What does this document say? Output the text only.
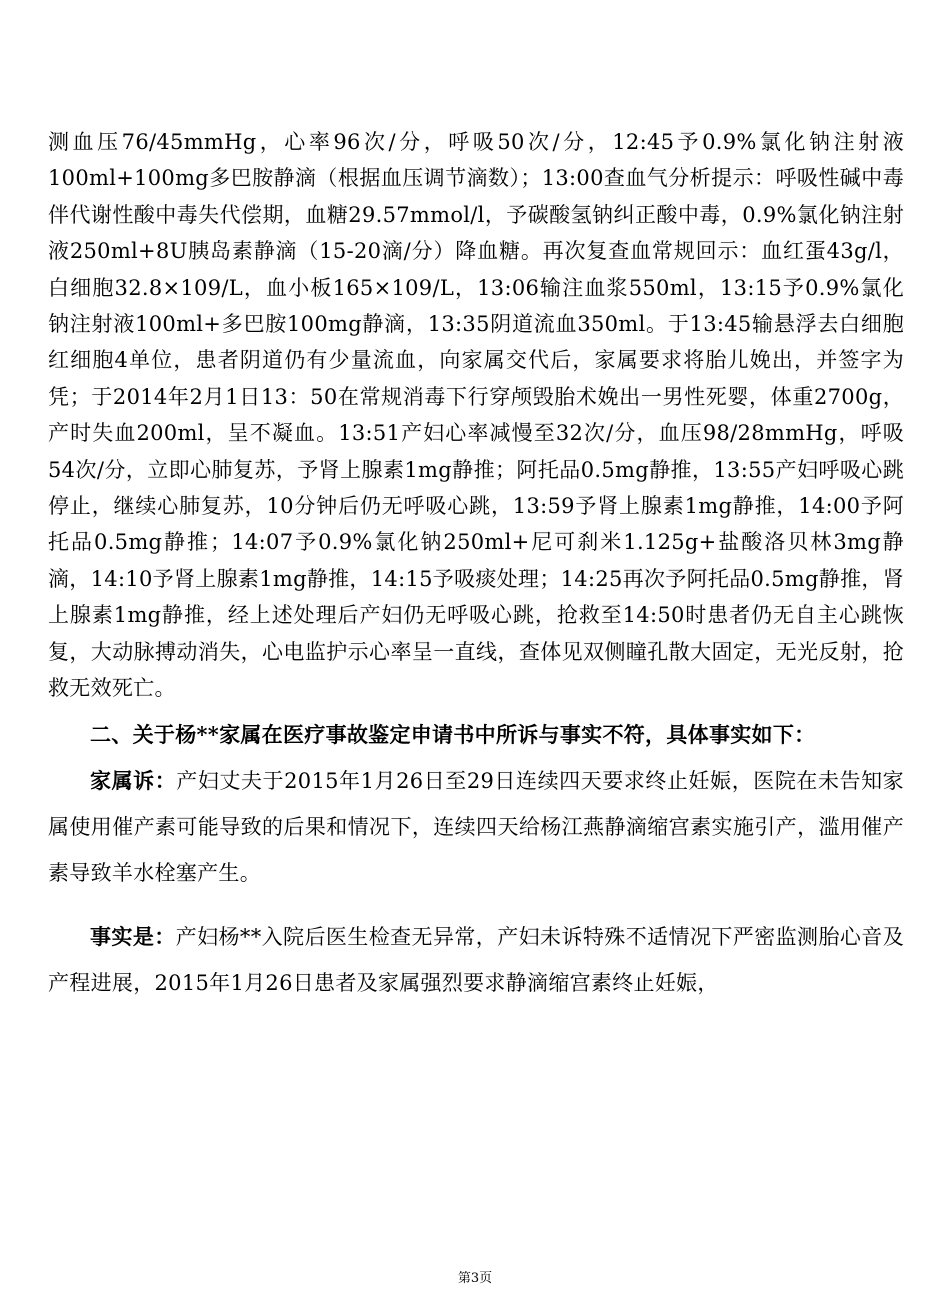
测血压76/45mmHg，心率96次/分，呼吸50次/分，12:45予0.9%氯化钠注射液100ml+100mg多巴胺静滴（根据血压调节滴数）；13:00查血气分析提示：呼吸性碱中毒伴代谢性酸中毒失代偿期，血糖29.57mmol/l，予碳酸氢钠纠正酸中毒，0.9%氯化钠注射液250ml+8U胰岛素静滴（15-20滴/分）降血糖。再次复查血常规回示：血红蛋43g/l，白细胞32.8×109/L，血小板165×109/L，13:06输注血浆550ml，13:15予0.9%氯化钠注射液100ml+多巴胺100mg静滴，13:35阴道流血350ml。于13:45输悬浮去白细胞红细胞4单位，患者阴道仍有少量流血，向家属交代后，家属要求将胎儿娩出，并签字为凭；于2014年2月1日13：50在常规消毒下行穿颅毁胎术娩出一男性死婴，体重2700g，产时失血200ml，呈不凝血。13:51产妇心率减慢至32次/分，血压98/28mmHg，呼吸54次/分，立即心肺复苏，予肾上腺素1mg静推；阿托品0.5mg静推，13:55产妇呼吸心跳停止，继续心肺复苏，10分钟后仍无呼吸心跳，13:59予肾上腺素1mg静推，14:00予阿托品0.5mg静推；14:07予0.9%氯化钠250ml+尼可刹米1.125g+盐酸洛贝林3mg静滴，14:10予肾上腺素1mg静推，14:15予吸痰处理；14:25再次予阿托品0.5mg静推，肾上腺素1mg静推，经上述处理后产妇仍无呼吸心跳，抢救至14:50时患者仍无自主心跳恢复，大动脉搏动消失，心电监护示心率呈一直线，查体见双侧瞳孔散大固定，无光反射，抢救无效死亡。

二、关于杨**家属在医疗事故鉴定申请书中所诉与事实不符，具体事实如下：

家属诉：产妇丈夫于2015年1月26日至29日连续四天要求终止妊娠，医院在未告知家属使用催产素可能导致的后果和情况下，连续四天给杨江燕静滴缩宫素实施引产，滥用催产素导致羊水栓塞产生。

事实是：产妇杨**入院后医生检查无异常，产妇未诉特殊不适情况下严密监测胎心音及产程进展，2015年1月26日患者及家属强烈要求静滴缩宫素终止妊娠，

第3页
